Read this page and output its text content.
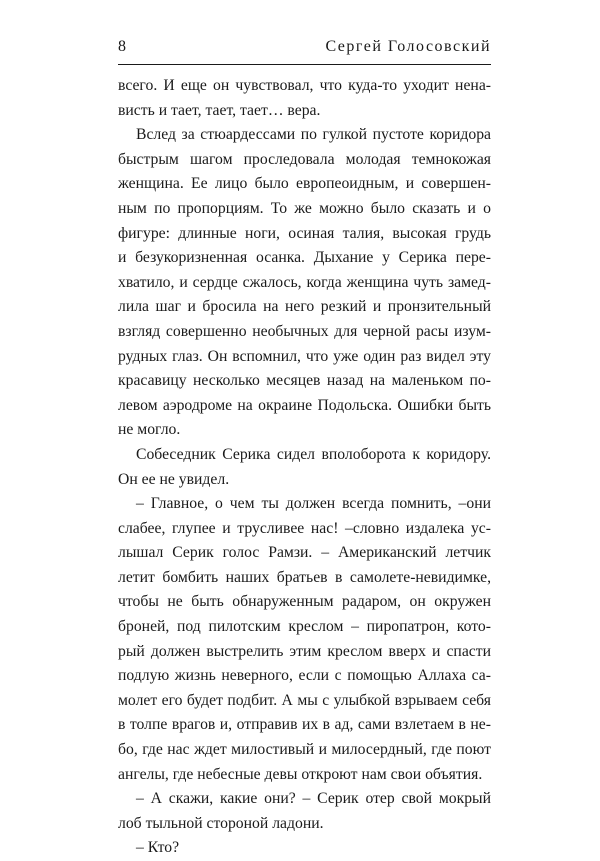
8	Сергей Голосовский
всего. И еще он чувствовал, что куда-то уходит нена-
висть и тает, тает, тает… вера.
Вслед за стюардессами по гулкой пустоте коридора
быстрым шагом проследовала молодая темнокожая
женщина. Ее лицо было европеоидным, и совершен-
ным по пропорциям. То же можно было сказать и о
фигуре: длинные ноги, осиная талия, высокая грудь
и безукоризненная осанка. Дыхание у Серика пере-
хватило, и сердце сжалось, когда женщина чуть замед-
лила шаг и бросила на него резкий и пронзительный
взгляд совершенно необычных для черной расы изум-
рудных глаз. Он вспомнил, что уже один раз видел эту
красавицу несколько месяцев назад на маленьком по-
левом аэродроме на окраине Подольска. Ошибки быть
не могло.
Собеседник Серика сидел вполоборота к коридору.
Он ее не увидел.
– Главное, о чем ты должен всегда помнить, –они
слабее, глупее и трусливее нас! –словно издалека ус-
лышал Серик голос Рамзи. – Американский летчик
летит бомбить наших братьев в самолете-невидимке,
чтобы не быть обнаруженным радаром, он окружен
броней, под пилотским креслом – пиропатрон, кото-
рый должен выстрелить этим креслом вверх и спасти
подлую жизнь неверного, если с помощью Аллаха са-
молет его будет подбит. А мы с улыбкой взрываем себя
в толпе врагов и, отправив их в ад, сами взлетаем в не-
бо, где нас ждет милостивый и милосердный, где поют
ангелы, где небесные девы откроют нам свои объятия.
– А скажи, какие они? – Серик отер свой мокрый
лоб тыльной стороной ладони.
– Кто?
